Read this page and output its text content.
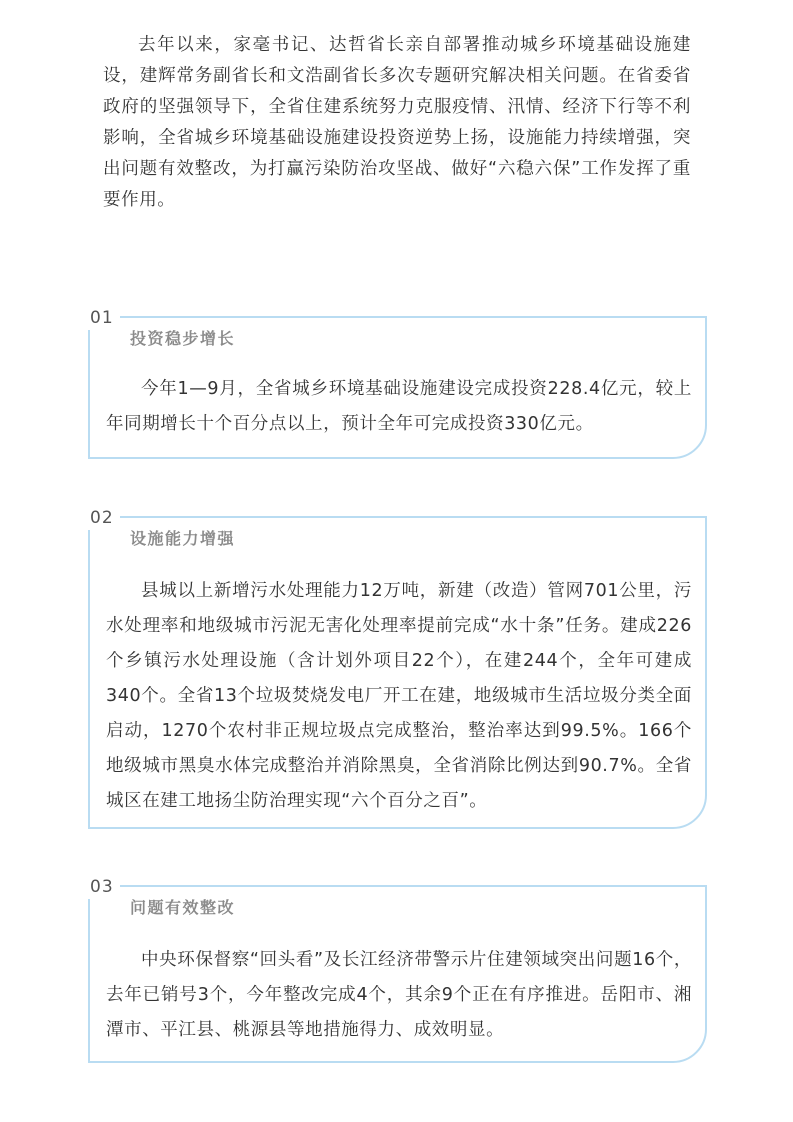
去年以来，家毫书记、达哲省长亲自部署推动城乡环境基础设施建设，建辉常务副省长和文浩副省长多次专题研究解决相关问题。在省委省政府的坚强领导下，全省住建系统努力克服疫情、汛情、经济下行等不利影响，全省城乡环境基础设施建设投资逆势上扬，设施能力持续增强，突出问题有效整改，为打赢污染防治攻坚战、做好“六稳六保”工作发挥了重要作用。

01
投资稳步增长

今年1—9月，全省城乡环境基础设施建设完成投资228.4亿元，较上年同期增长十个百分点以上，预计全年可完成投资330亿元。

02
设施能力增强

县城以上新增污水处理能力12万吨，新建（改造）管网701公里，污水处理率和地级城市污泥无害化处理率提前完成“水十条”任务。建成226个乡镇污水处理设施（含计划外项目22个），在建244个，全年可建成340个。全省13个垃圾焚烧发电厂开工在建，地级城市生活垃圾分类全面启动，1270个农村非正规垃圾点完成整治，整治率达到99.5%。166个地级城市黑臭水体完成整治并消除黑臭，全省消除比例达到90.7%。全省城区在建工地扬尘防治理实现“六个百分之百”。

03
问题有效整改

中央环保督察“回头看”及长江经济带警示片住建领域突出问题16个，去年已销号3个，今年整改完成4个，其余9个正在有序推进。岳阳市、湘潭市、平江县、桃源县等地措施得力、成效明显。
